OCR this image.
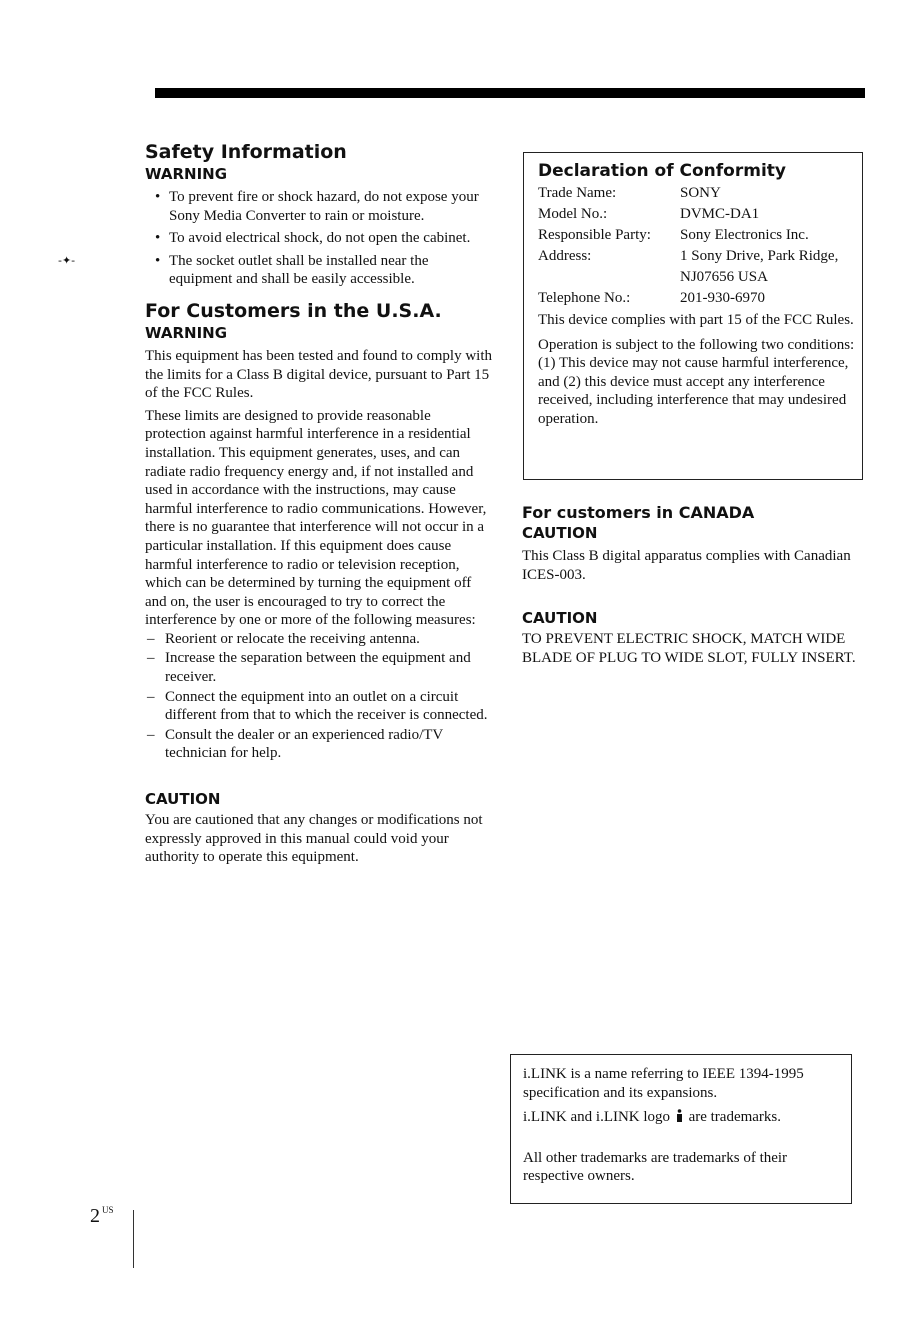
-✦-
Safety Information
WARNING
• To prevent fire or shock hazard, do not expose your Sony Media Converter to rain or moisture.
• To avoid electrical shock, do not open the cabinet.
• The socket outlet shall be installed near the equipment and shall be easily accessible.
For Customers in the U.S.A.
WARNING

This equipment has been tested and found to comply with the limits for a Class B digital device, pursuant to Part 15 of the FCC Rules.

These limits are designed to provide reasonable protection against harmful interference in a residential installation. This equipment generates, uses, and can radiate radio frequency energy and, if not installed and used in accordance with the instructions, may cause harmful interference to radio communications. However, there is no guarantee that interference will not occur in a particular installation. If this equipment does cause harmful interference to radio or television reception, which can be determined by turning the equipment off and on, the user is encouraged to try to correct the interference by one or more of the following measures:

– Reorient or relocate the receiving antenna.
– Increase the separation between the equipment and receiver.
– Connect the equipment into an outlet on a circuit different from that to which the receiver is connected.
– Consult the dealer or an experienced radio/TV technician for help.
CAUTION

You are cautioned that any changes or modifications not expressly approved in this manual could void your authority to operate this equipment.

Declaration of Conformity
Trade Name:	SONY
Model No.:	DVMC-DA1
Responsible Party:	Sony Electronics Inc.
Address:	1 Sony Drive, Park Ridge, NJ07656 USA
Telephone No.:	201-930-6970

This device complies with part 15 of the FCC Rules.

Operation is subject to the following two conditions: (1) This device may not cause harmful interference, and (2) this device must accept any interference received, including interference that may undesired operation.

For customers in CANADA
CAUTION

This Class B digital apparatus complies with Canadian ICES-003.

CAUTION

TO PREVENT ELECTRIC SHOCK, MATCH WIDE BLADE OF PLUG TO WIDE SLOT, FULLY INSERT.

i.LINK is a name referring to IEEE 1394-1995 specification and its expansions.

i.LINK and i.LINK logo are trademarks.

All other trademarks are trademarks of their respective owners.

2 $^{US}$
